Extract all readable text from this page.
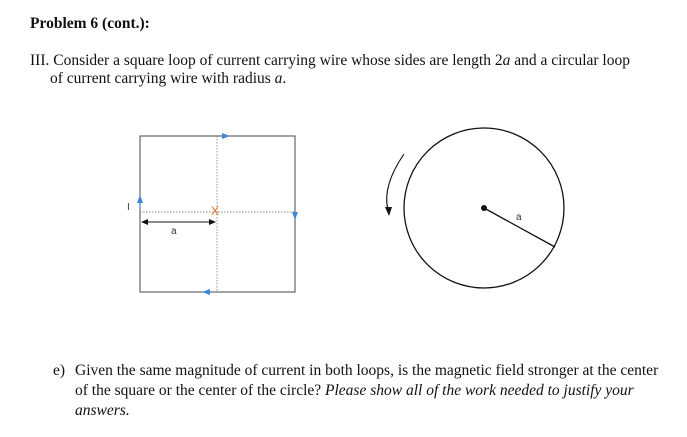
Problem 6 (cont.):
III. Consider a square loop of current carrying wire whose sides are length 2a and a circular loop
of current carrying wire with radius a.
I
a
X	a
e) Given the same magnitude of current in both loops, is the magnetic field stronger at the center of the square or the center of the circle? Please show all of the work needed to justify your answers.
